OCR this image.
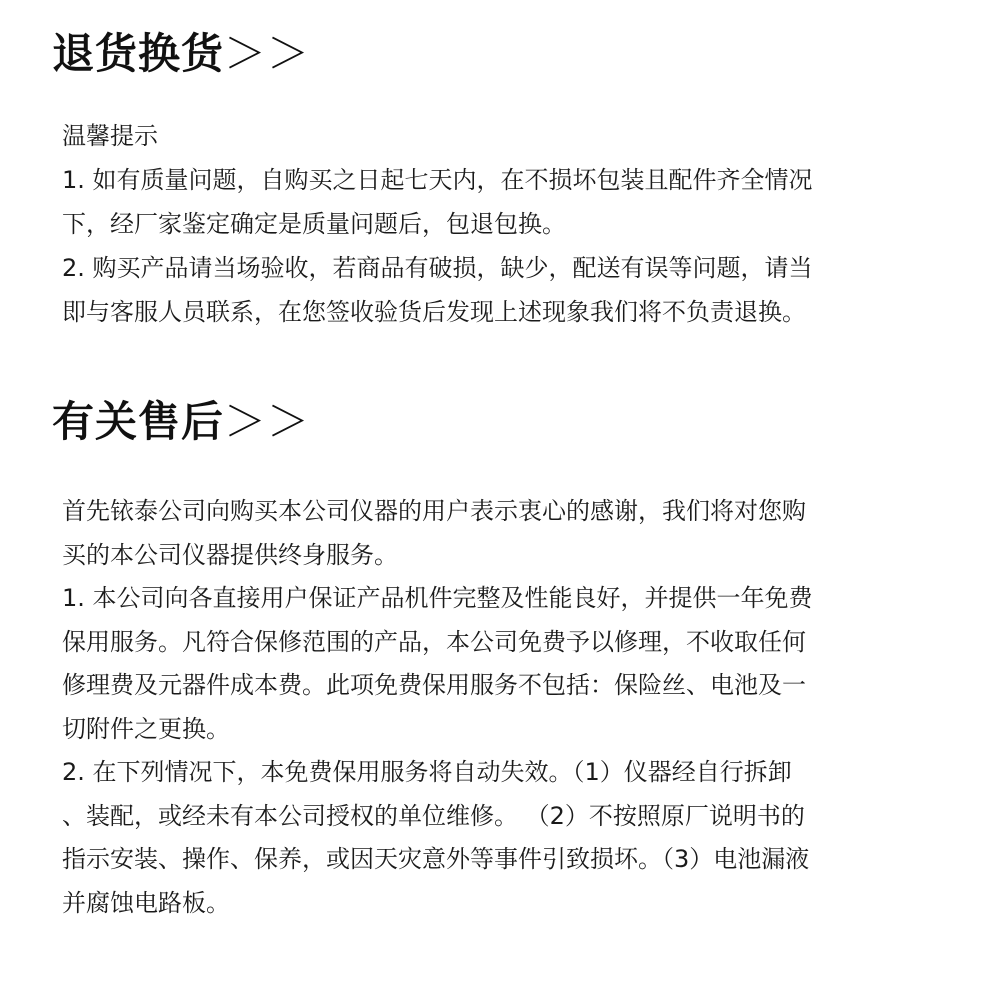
退货换货＞＞
温馨提示
1. 如有质量问题，自购买之日起七天内，在不损坏包装且配件齐全情况
下，经厂家鉴定确定是质量问题后，包退包换。
2. 购买产品请当场验收，若商品有破损，缺少，配送有误等问题，请当
即与客服人员联系，在您签收验货后发现上述现象我们将不负责退换。
有关售后＞＞
首先铱泰公司向购买本公司仪器的用户表示衷心的感谢，我们将对您购
买的本公司仪器提供终身服务。
1. 本公司向各直接用户保证产品机件完整及性能良好，并提供一年免费
保用服务。凡符合保修范围的产品，本公司免费予以修理，不收取任何
修理费及元器件成本费。此项免费保用服务不包括：保险丝、电池及一
切附件之更换。
2. 在下列情况下，本免费保用服务将自动失效。（1）仪器经自行拆卸
、装配，或经未有本公司授权的单位维修。 （2）不按照原厂说明书的
指示安装、操作、保养，或因天灾意外等事件引致损坏。（3）电池漏液
并腐蚀电路板。
